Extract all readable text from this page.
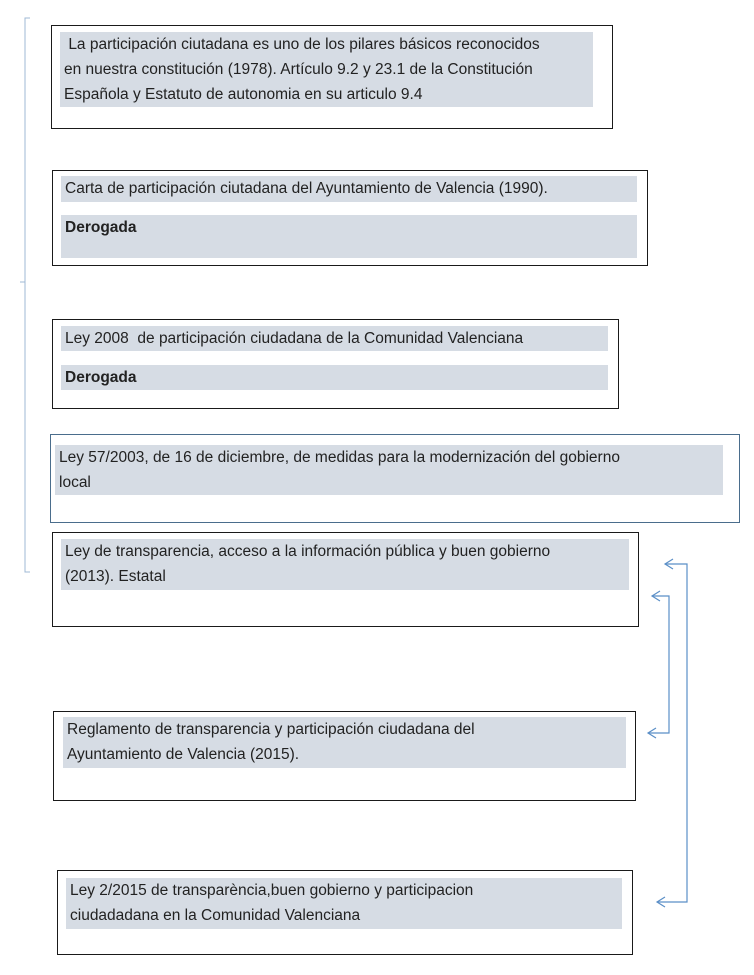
La participación ciutadana es uno de los pilares básicos reconocidos
en nuestra constitución (1978). Artículo 9.2 y 23.1 de la Constitución
Española y Estatuto de autonomia en su articulo 9.4
Carta de participación ciutadana del Ayuntamiento de Valencia (1990).
Derogada
Ley 2008  de participación ciudadana de la Comunidad Valenciana
Derogada
Ley 57/2003, de 16 de diciembre, de medidas para la modernización del gobierno
local
Ley de transparencia, acceso a la información pública y buen gobierno
(2013). Estatal
Reglamento de transparencia y participación ciudadana del
Ayuntamiento de Valencia (2015).
Ley 2/2015 de transparència,buen gobierno y participacion
ciudadadana en la Comunidad Valenciana
